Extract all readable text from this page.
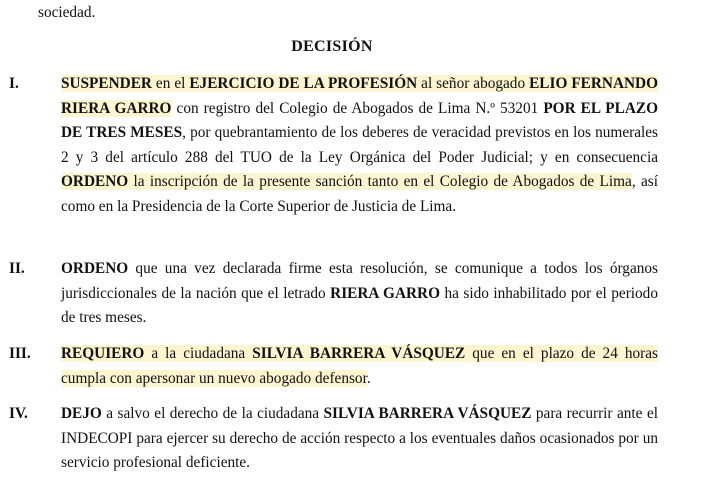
sociedad.
DECISIÓN
I.	SUSPENDER en el EJERCICIO DE LA PROFESIÓN al señor abogado ELIO FERNANDO RIERA GARRO con registro del Colegio de Abogados de Lima N.º 53201 POR EL PLAZO DE TRES MESES, por quebrantamiento de los deberes de veracidad previstos en los numerales 2 y 3 del artículo 288 del TUO de la Ley Orgánica del Poder Judicial; y en consecuencia ORDENO la inscripción de la presente sanción tanto en el Colegio de Abogados de Lima, así como en la Presidencia de la Corte Superior de Justicia de Lima.
II. ORDENO que una vez declarada firme esta resolución, se comunique a todos los órganos jurisdiccionales de la nación que el letrado RIERA GARRO ha sido inhabilitado por el periodo de tres meses.
III. REQUIERO a la ciudadana SILVIA BARRERA VÁSQUEZ que en el plazo de 24 horas cumpla con apersonar un nuevo abogado defensor.
IV. DEJO a salvo el derecho de la ciudadana SILVIA BARRERA VÁSQUEZ para recurrir ante el INDECOPI para ejercer su derecho de acción respecto a los eventuales daños ocasionados por un servicio profesional deficiente.
